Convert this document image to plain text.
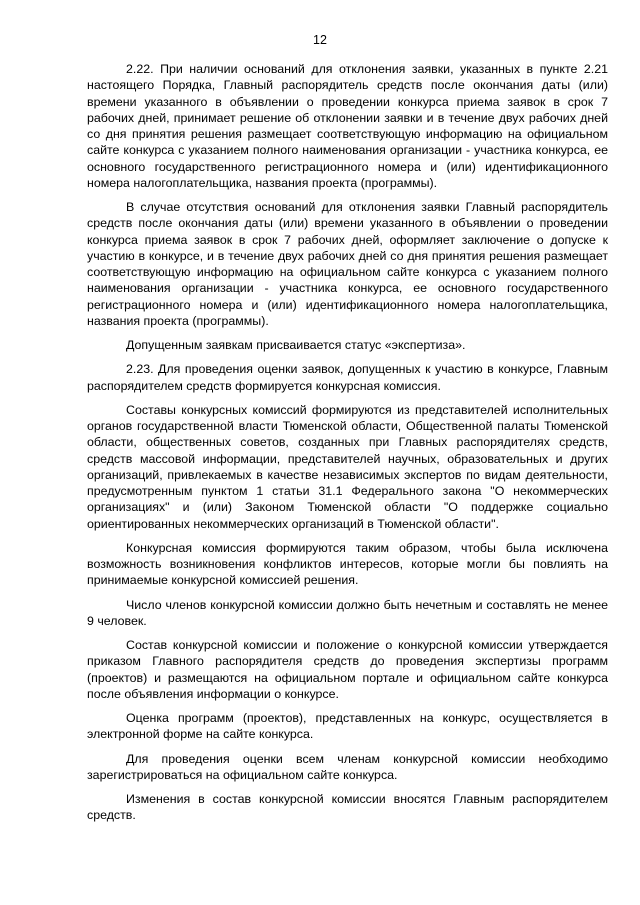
12

2.22. При наличии оснований для отклонения заявки, указанных в пункте 2.21 настоящего Порядка, Главный распорядитель средств после окончания даты (или) времени указанного в объявлении о проведении конкурса приема заявок в срок 7 рабочих дней, принимает решение об отклонении заявки и в течение двух рабочих дней со дня принятия решения размещает соответствующую информацию на официальном сайте конкурса с указанием полного наименования организации - участника конкурса, ее основного государственного регистрационного номера и (или) идентификационного номера налогоплательщика, названия проекта (программы).

В случае отсутствия оснований для отклонения заявки Главный распорядитель средств после окончания даты (или) времени указанного в объявлении о проведении конкурса приема заявок в срок 7 рабочих дней, оформляет заключение о допуске к участию в конкурсе, и в течение двух рабочих дней со дня принятия решения размещает соответствующую информацию на официальном сайте конкурса с указанием полного наименования организации - участника конкурса, ее основного государственного регистрационного номера и (или) идентификационного номера налогоплательщика, названия проекта (программы).

Допущенным заявкам присваивается статус «экспертиза».

2.23. Для проведения оценки заявок, допущенных к участию в конкурсе, Главным распорядителем средств формируется конкурсная комиссия.

Составы конкурсных комиссий формируются из представителей исполнительных органов государственной власти Тюменской области, Общественной палаты Тюменской области, общественных советов, созданных при Главных распорядителях средств, средств массовой информации, представителей научных, образовательных и других организаций, привлекаемых в качестве независимых экспертов по видам деятельности, предусмотренным пунктом 1 статьи 31.1 Федерального закона "О некоммерческих организациях" и (или) Законом Тюменской области "О поддержке социально ориентированных некоммерческих организаций в Тюменской области".

Конкурсная комиссия формируются таким образом, чтобы была исключена возможность возникновения конфликтов интересов, которые могли бы повлиять на принимаемые конкурсной комиссией решения.

Число членов конкурсной комиссии должно быть нечетным и составлять не менее 9 человек.

Состав конкурсной комиссии и положение о конкурсной комиссии утверждается приказом Главного распорядителя средств до проведения экспертизы программ (проектов) и размещаются на официальном портале и официальном сайте конкурса после объявления информации о конкурсе.

Оценка программ (проектов), представленных на конкурс, осуществляется в электронной форме на сайте конкурса.

Для проведения оценки всем членам конкурсной комиссии необходимо зарегистрироваться на официальном сайте конкурса.

Изменения в состав конкурсной комиссии вносятся Главным распорядителем средств.
